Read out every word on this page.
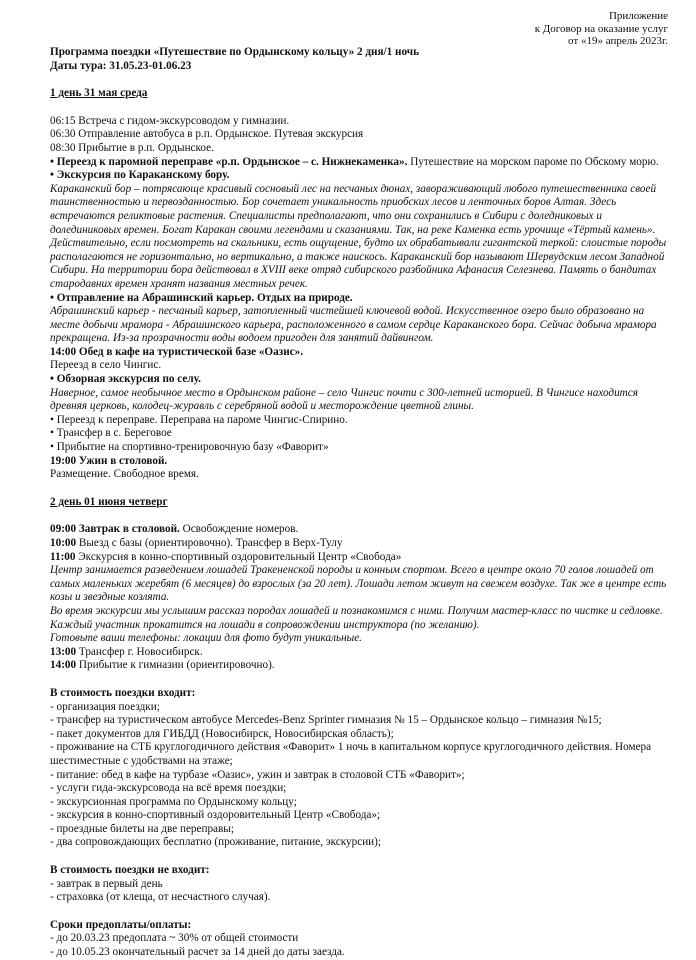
Приложение
к Договор на оказание услуг
от «19» апрель 2023г.
Программа поездки «Путешествие по Ордынскому кольцу» 2 дня/1 ночь
Даты тура: 31.05.23-01.06.23
1 день 31 мая среда
06:15 Встреча с гидом-экскурсоводом у гимназии.
06:30 Отправление автобуса в р.п. Ордынское. Путевая экскурсия
08:30 Прибытие в р.п. Ордынское.
• Переезд к паромной переправе «р.п. Ордынское – с. Нижнекаменка». Путешествие на морском пароме по Обскому морю.
• Экскурсия по Караканскому бору.
Караканский бор – потрясающе красивый сосновый лес на песчаных дюнах, завораживающий любого путешественника своей таинственностью и первозданностью. Бор сочетает уникальность приобских лесов и ленточных боров Алтая. Здесь встречаются реликтовые растения. Специалисты предполагают, что они сохранились в Сибири с доледниковых и долединиковых времен. Богат Каракан своими легендами и сказаниями. Так, на реке Каменка есть урочище «Тёртый камень». Действительно, если посмотреть на скальники, есть ощущение, будто их обрабатывали гигантской теркой: слоистые породы располагаются не горизонтально, но вертикально, а также наискось. Караканский бор называют Шервудским лесом Западной Сибири. На территории бора действовал в XVIII веке отряд сибирского разбойника Афанасия Селезнева. Память о бандитах стародавних времен хранят названия местных речек.
• Отправление на Абрашинский карьер. Отдых на природе.
Абрашинский карьер - песчаный карьер, затопленный чистейшей ключевой водой. Искусственное озеро было образовано на месте добычи мрамора - Абрашинского карьера, расположенного в самом сердце Караканского бора. Сейчас добыча мрамора прекращена. Из-за прозрачности воды водоем пригоден для занятий дайвингом.
14:00 Обед в кафе на туристической базе «Оазис».
Переезд в село Чингис.
• Обзорная экскурсия по селу.
Наверное, самое необычное место в Ордынском районе – село Чингис почти с 300-летней историей. В Чингисе находится древняя церковь, колодец-журавль с серебряной водой и месторождение цветной глины.
• Переезд к переправе. Переправа на пароме Чингис-Спирино.
• Трансфер в с. Береговое
• Прибытие на спортивно-тренировочную базу «Фаворит»
19:00 Ужин в столовой.
Размещение. Свободное время.
2 день 01 июня четверг
09:00 Завтрак в столовой. Освобождение номеров.
10:00 Выезд с базы (ориентировочно). Трансфер в Верх-Тулу
11:00 Экскурсия в конно-спортивный оздоровительный Центр «Свобода»
Центр занимается разведением лошадей Тракененской породы и конным спортом. Всего в центре около 70 голов лошадей от самых маленьких жеребят (6 месяцев) до взрослых (за 20 лет). Лошади летом живут на свежем воздухе. Так же в центре есть козы и звездные козлята.
Во время экскурсии мы услышим рассказ породах лошадей и познакомимся с ними. Получим мастер-класс по чистке и седловке. Каждый участник прокатится на лошади в сопровождении инструктора (по желанию).
Готовьте ваши телефоны: локации для фото будут уникальные.
13:00 Трансфер г. Новосибирск.
14:00 Прибытие к гимназии (ориентировочно).
В стоимость поездки входит:
- организация поездки;
- трансфер на туристическом автобусе Mercedes-Benz Sprinter гимназия № 15 – Ордынское кольцо – гимназия №15;
- пакет документов для ГИБДД (Новосибирск, Новосибирская область);
- проживание на СТБ круглогодичного действия «Фаворит» 1 ночь в капитальном корпусе круглогодичного действия. Номера шестиместные с удобствами на этаже;
- питание: обед в кафе на турбазе «Оазис», ужин и завтрак в столовой СТБ «Фаворит»;
- услуги гида-экскурсовода на всё время поездки;
- экскурсионная программа по Ордынскому кольцу;
- экскурсия в конно-спортивный оздоровительный Центр «Свобода»;
- проездные билеты на две переправы;
- два сопровождающих бесплатно (проживание, питание, экскурсии);
В стоимость поездки не входит:
- завтрак в первый день
- страховка (от клеща, от несчастного случая).
Сроки предоплаты/оплаты:
- до 20.03.23 предоплата ~ 30% от общей стоимости
- до 10.05.23 окончательный расчет за 14 дней до даты заезда.
